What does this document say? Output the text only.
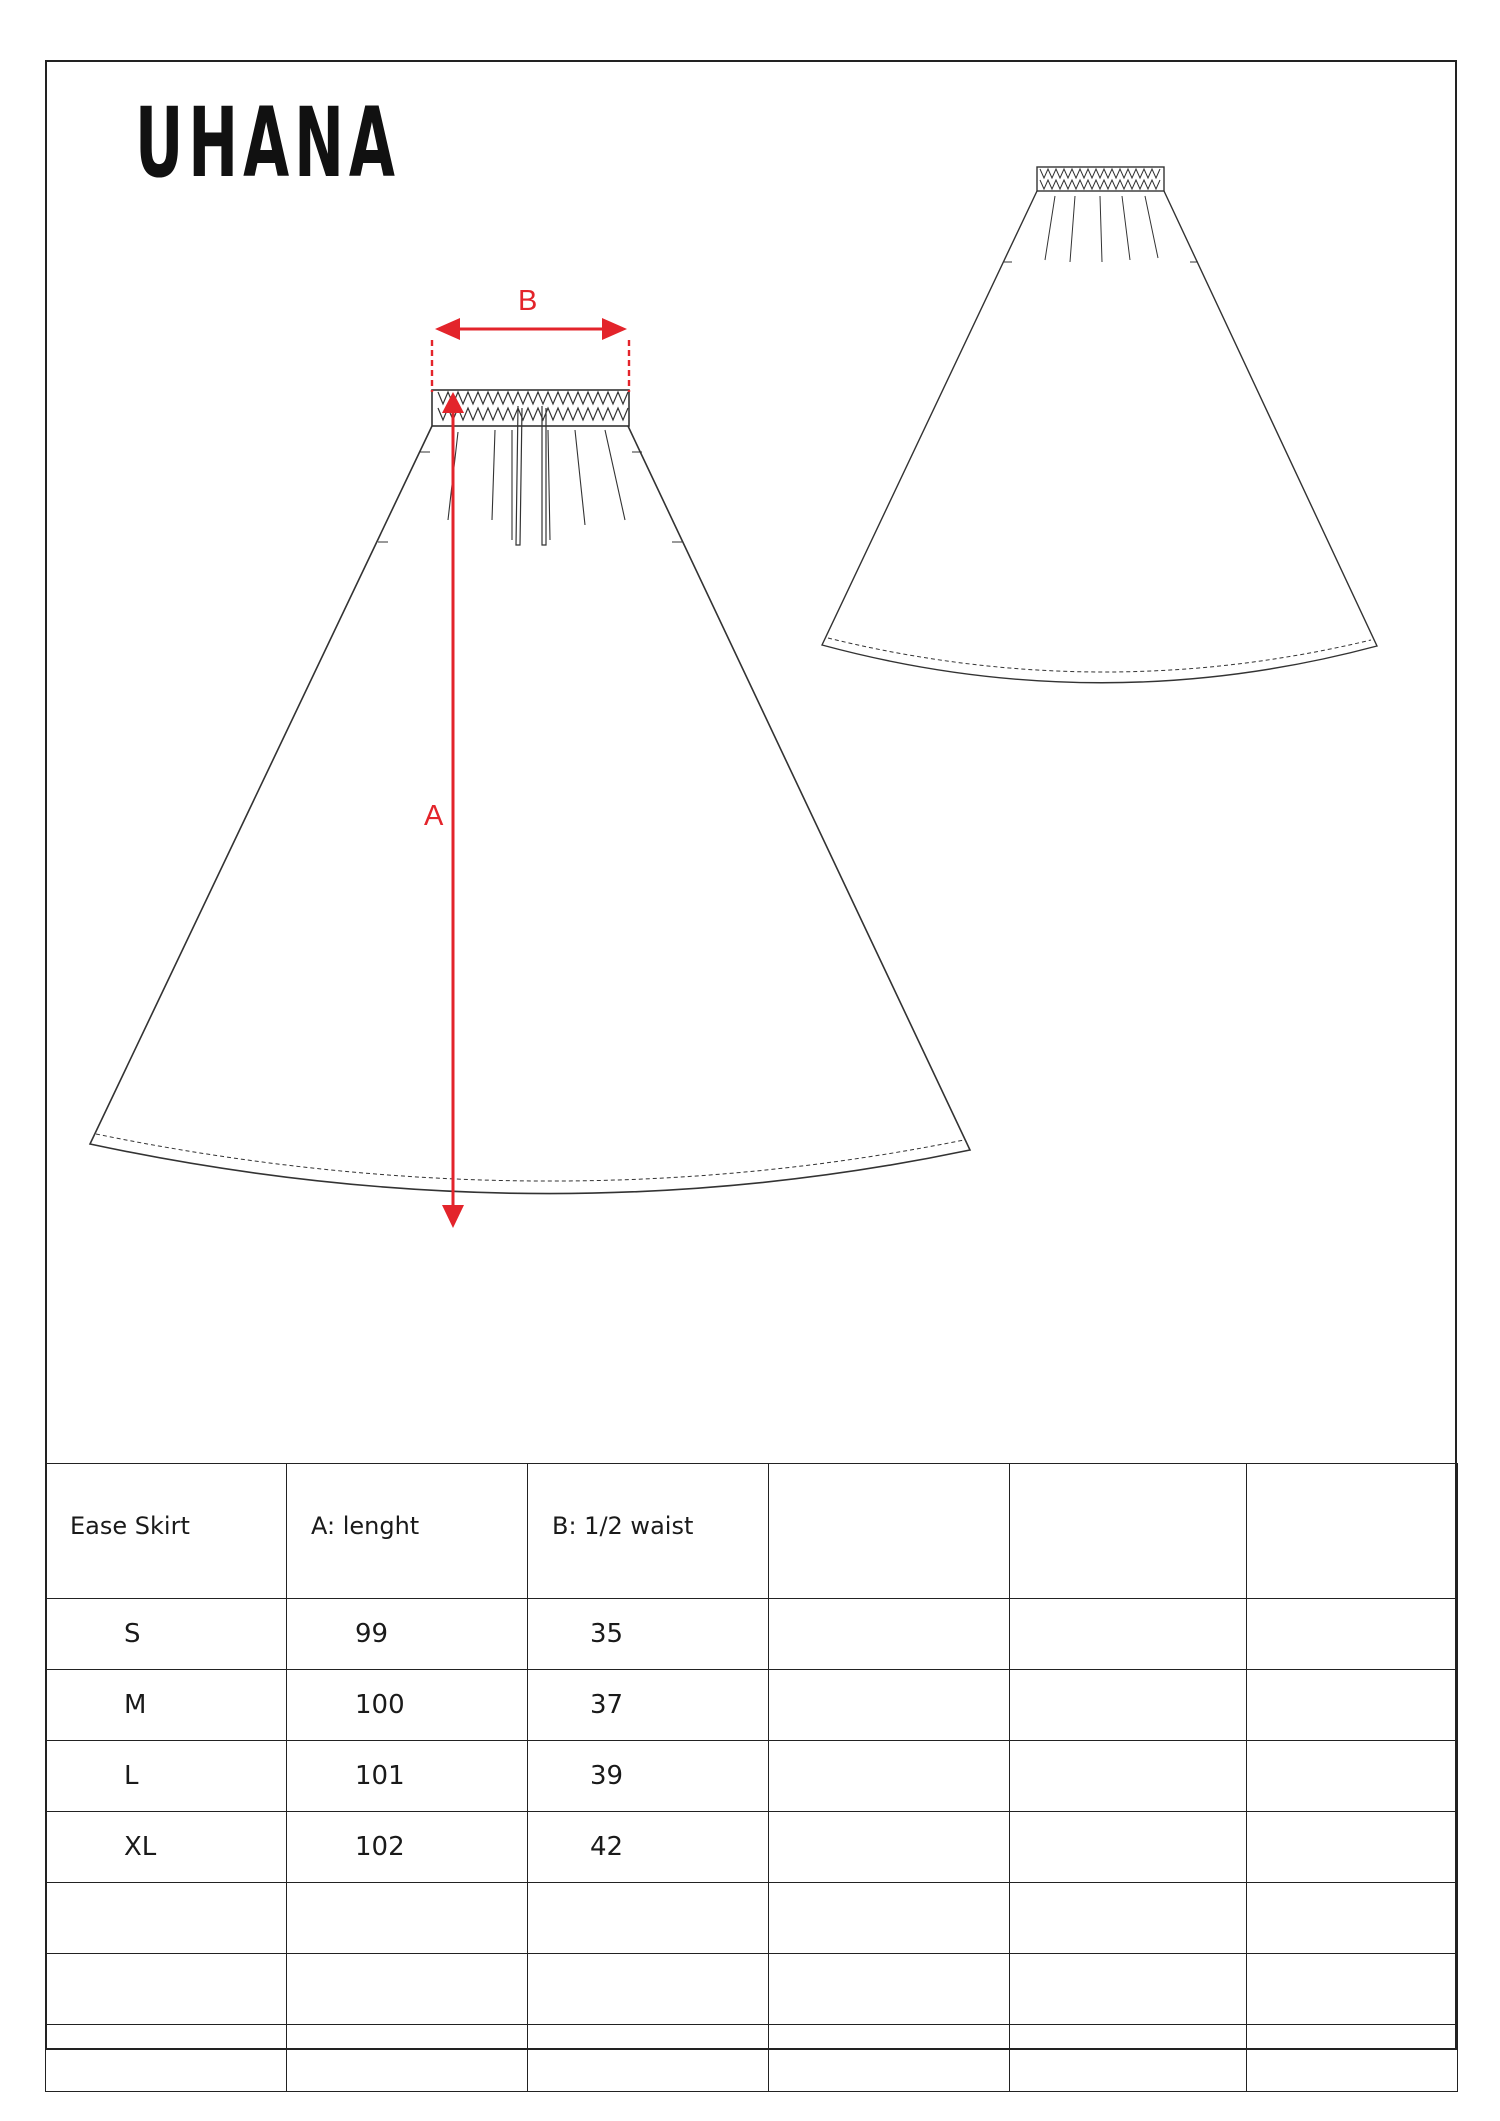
UHANA
B
A
Ease Skirt	A: lenght	B: 1/2 waist			
S	99	35			
M	100	37			
L	101	39			
XL	102	42			
